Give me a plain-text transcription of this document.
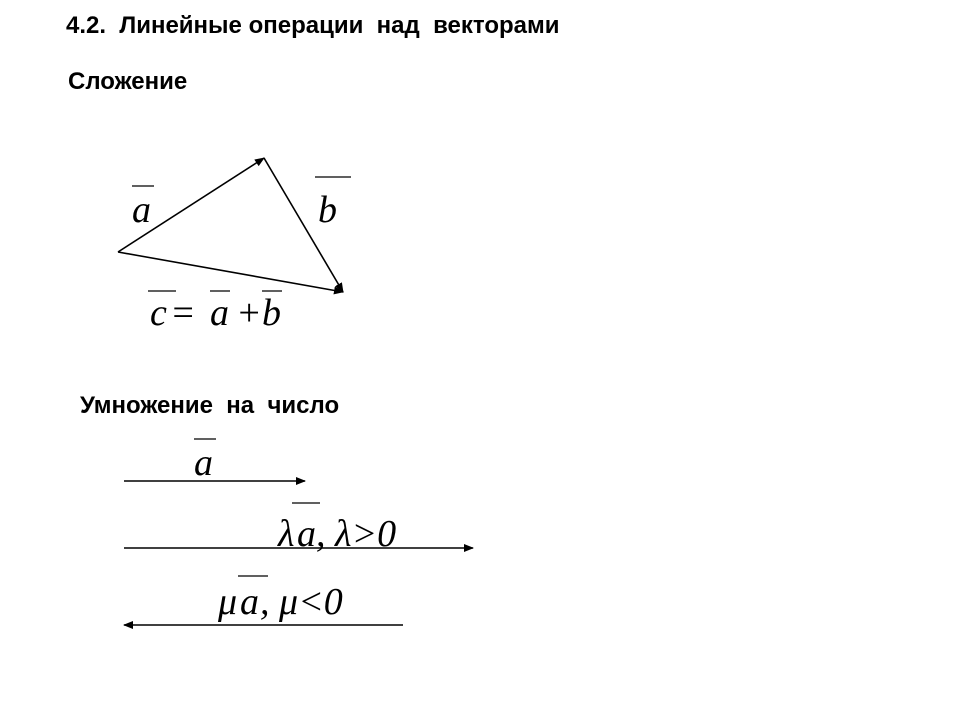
4.2.  Линейные операции  над  векторами
Сложение
Умножение  на  число
a	b
c = a + b
a
λ a , λ>0
μ a , μ<0
